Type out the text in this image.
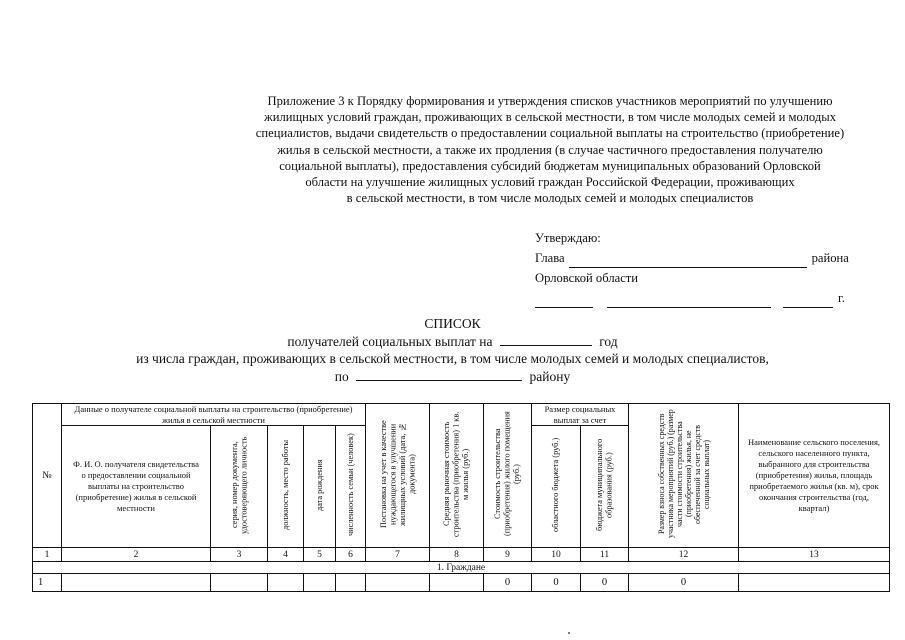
Приложение 3 к Порядку формирования и утверждения списков участников мероприятий по улучшению
жилищных условий граждан, проживающих в сельской местности, в том числе молодых семей и молодых
специалистов, выдачи свидетельств о предоставлении социальной выплаты на строительство (приобретение)
жилья в сельской местности, а также их продления (в случае частичного предоставления получателю
социальной выплаты), предоставления субсидий бюджетам муниципальных образований Орловской
области на улучшение жилищных условий граждан Российской Федерации, проживающих
в сельской местности, в том числе молодых семей и молодых специалистов
Утверждаю:
Глава	района
Орловской области
г.
СПИСОК
получателей социальных выплат на	год
из числа граждан, проживающих в сельской местности, в том числе молодых семей и молодых специалистов,
по	району
№	Данные о получателе социальной выплаты на строительство (приобретение) жилья в сельской местности					Постановка на учет в качестве нуждающегося в улучшении жилищных условий (дата, № документа)	Средняя рыночная стоимость строительства (приобретения) 1 кв. м жилья (руб.)	Стоимость строительства (приобретения) жилого помещения (руб.)	Размер социальных выплат за счет		Размер взноса собственных средств участника мероприятий (руб.) (размер части стоимости строительства (приобретения) жилья, не обеспеченной за счет средств социальных выплат)	Наименование сельского поселения, сельского населенного пункта, выбранного для строительства (приобретения) жилья, площадь приобретаемого жилья (кв. м), срок окончания строительства (год, квартал)
	Ф. И. О. получателя свидетельства о предоставлении социальной выплаты на строительство (приобретение) жилья в сельской местности	серия, номер документа, удостоверяющего личность	должность, место работы	дата рождения	численность семьи (человек)				областного бюджета (руб.)	бюджета муниципального образования (руб.)		
1	2	3	4	5	6	7	8	9	10	11	12	13
1. Граждане												
1								0	0	0	0	
